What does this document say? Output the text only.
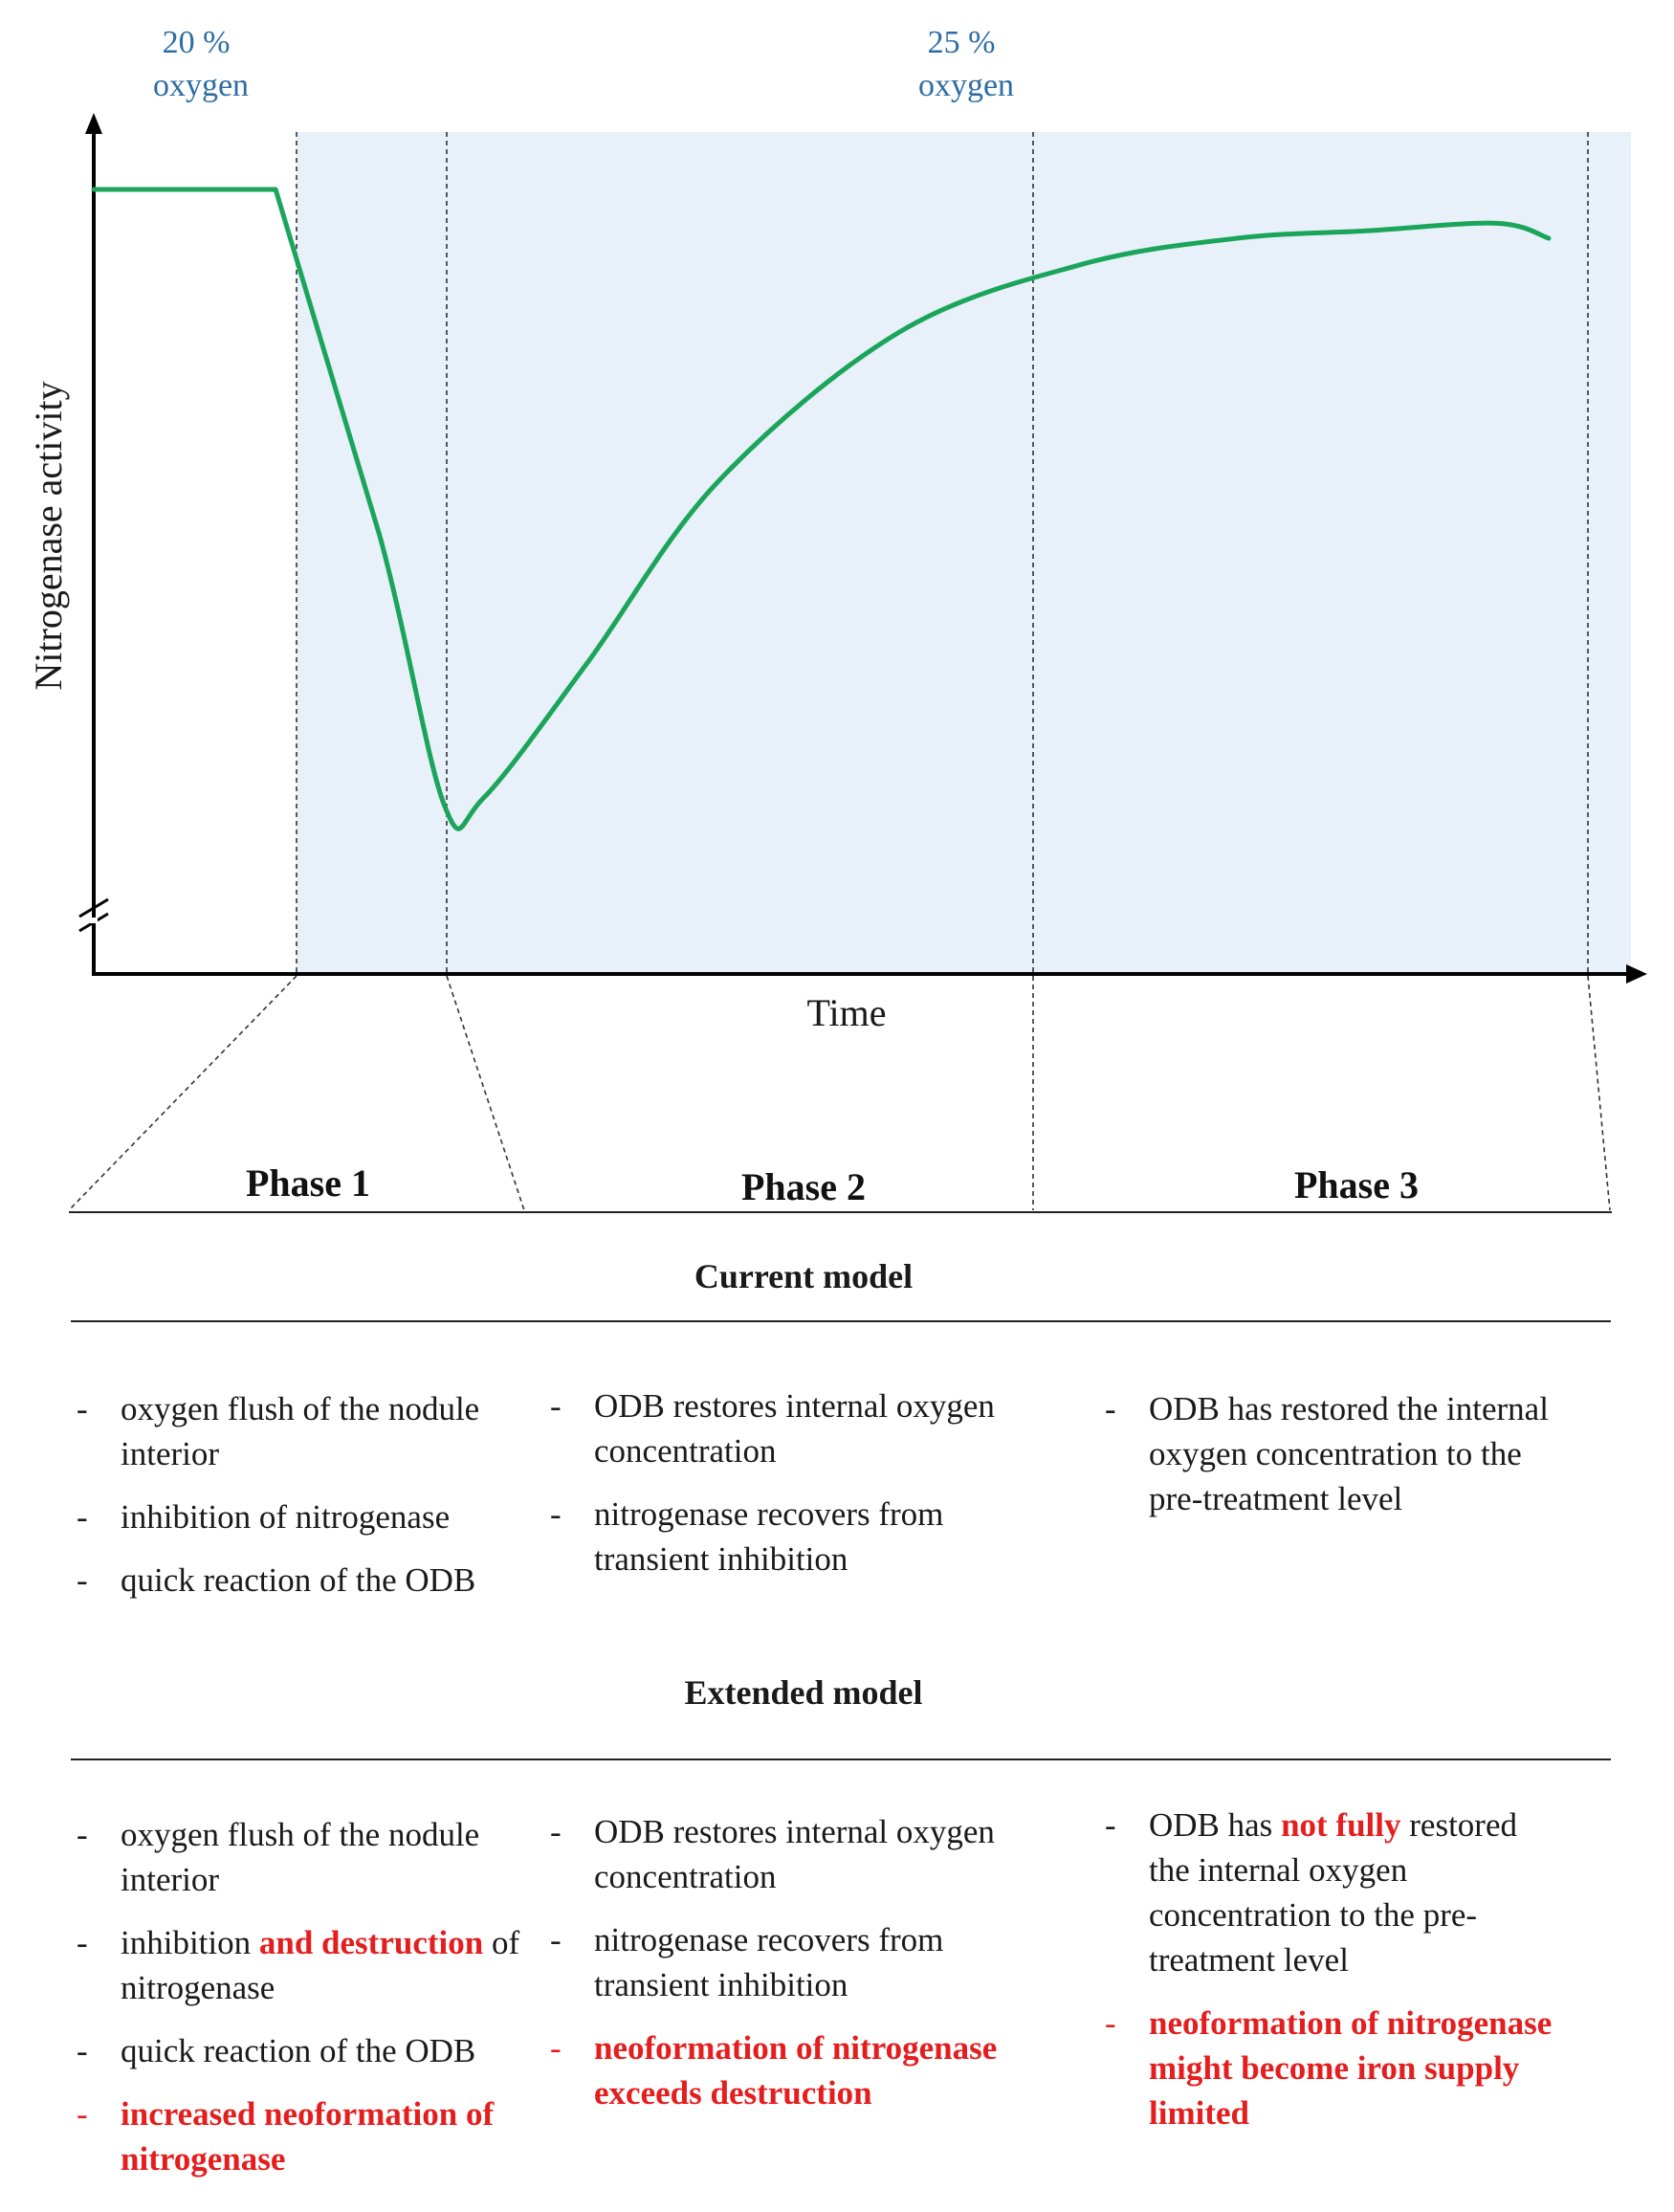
20 %
oxygen
25 %
oxygen
Nitrogenase activity
Time
Phase 1	Phase 2	Phase 3
Current model
- oxygen flush of the nodule interior
- inhibition of nitrogenase
- quick reaction of the ODB
- ODB restores internal oxygen concentration
- nitrogenase recovers from transient inhibition
- ODB has restored the internal oxygen concentration to the pre-treatment level
Extended model
- oxygen flush of the nodule interior
- inhibition and destruction of nitrogenase
- quick reaction of the ODB
- increased neoformation of nitrogenase
- ODB restores internal oxygen concentration
- nitrogenase recovers from transient inhibition
- neoformation of nitrogenase exceeds destruction
- ODB has not fully restored the internal oxygen concentration to the pre-treatment level
- neoformation of nitrogenase might become iron supply limited
